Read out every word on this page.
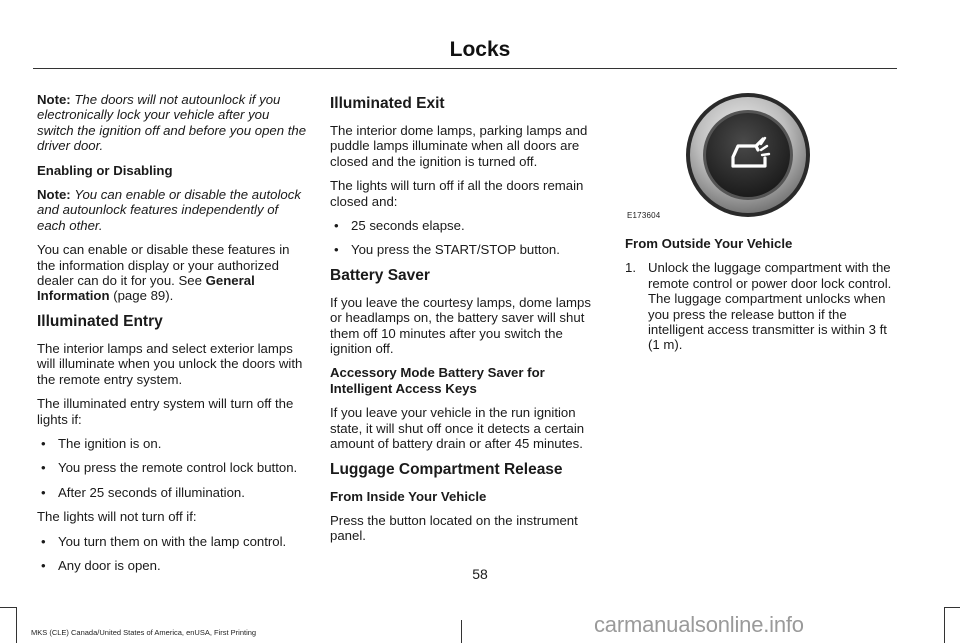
Locks

Note: The doors will not autounlock if you electronically lock your vehicle after you switch the ignition off and before you open the driver door.

Enabling or Disabling

Note: You can enable or disable the autolock and autounlock features independently of each other.

You can enable or disable these features in the information display or your authorized dealer can do it for you. See General Information (page 89).

Illuminated Entry

The interior lamps and select exterior lamps will illuminate when you unlock the doors with the remote entry system.

The illuminated entry system will turn off the lights if:

• The ignition is on.
• You press the remote control lock button.
• After 25 seconds of illumination.

The lights will not turn off if:

• You turn them on with the lamp control.
• Any door is open.
Illuminated Exit

The interior dome lamps, parking lamps and puddle lamps illuminate when all doors are closed and the ignition is turned off.

The lights will turn off if all the doors remain closed and:

• 25 seconds elapse.
• You press the START/STOP button.
Battery Saver

If you leave the courtesy lamps, dome lamps or headlamps on, the battery saver will shut them off 10 minutes after you switch the ignition off.

Accessory Mode Battery Saver for Intelligent Access Keys

If you leave your vehicle in the run ignition state, it will shut off once it detects a certain amount of battery drain or after 45 minutes.

Luggage Compartment Release
From Inside Your Vehicle

Press the button located on the instrument panel.

E173604
From Outside Your Vehicle
1. Unlock the luggage compartment with the remote control or power door lock control. The luggage compartment unlocks when you press the release button if the intelligent access transmitter is within 3 ft (1 m).
58
MKS (CLE) Canada/United States of America, enUSA, First Printing	carmanualsonline.info
